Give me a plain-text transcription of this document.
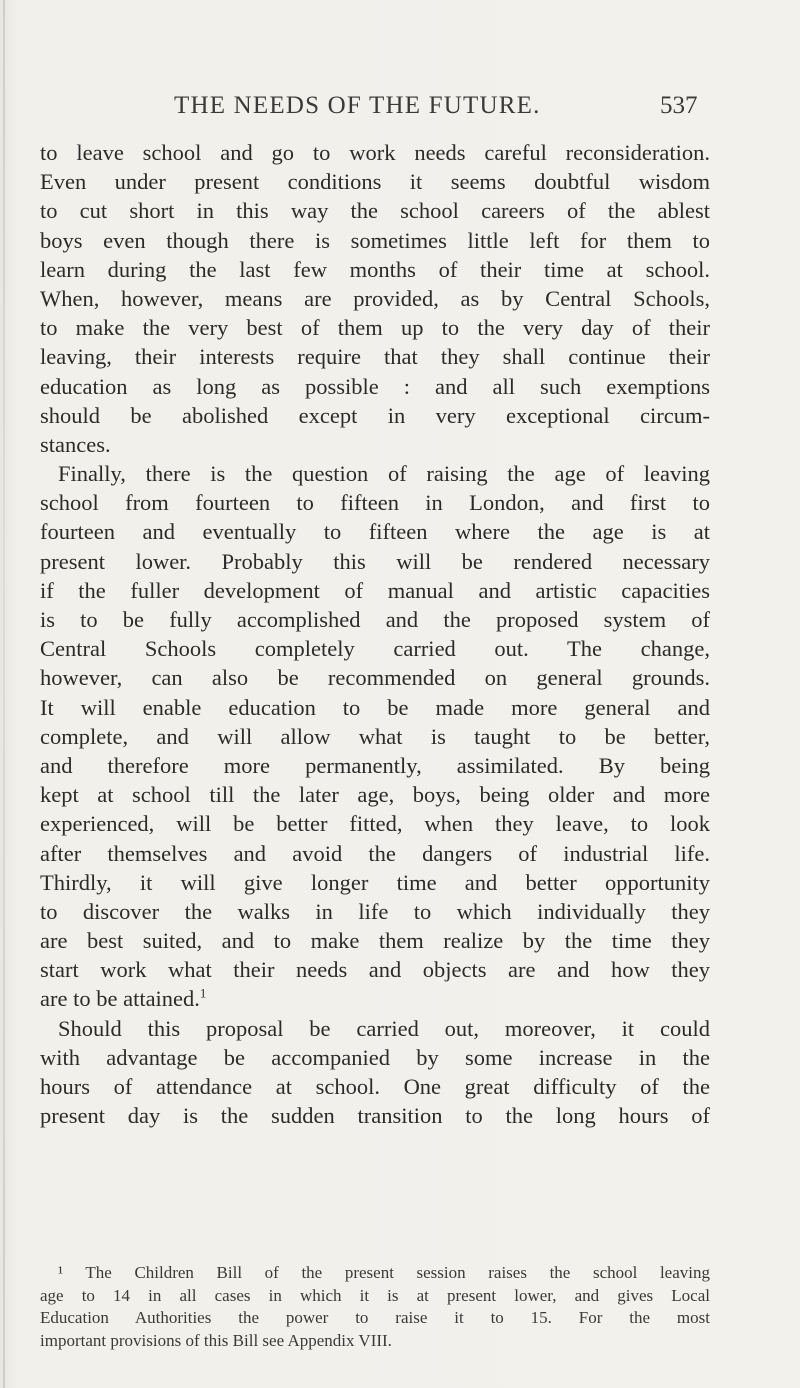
THE NEEDS OF THE FUTURE.	537
to leave school and go to work needs careful reconsideration.
Even under present conditions it seems doubtful wisdom
to cut short in this way the school careers of the ablest
boys even though there is sometimes little left for them to
learn during the last few months of their time at school.
When, however, means are provided, as by Central Schools,
to make the very best of them up to the very day of their
leaving, their interests require that they shall continue their
education as long as possible : and all such exemptions
should be abolished except in very exceptional circum-
stances.
Finally, there is the question of raising the age of leaving
school from fourteen to fifteen in London, and first to
fourteen and eventually to fifteen where the age is at
present lower. Probably this will be rendered necessary
if the fuller development of manual and artistic capacities
is to be fully accomplished and the proposed system of
Central Schools completely carried out. The change,
however, can also be recommended on general grounds.
It will enable education to be made more general and
complete, and will allow what is taught to be better,
and therefore more permanently, assimilated. By being
kept at school till the later age, boys, being older and more
experienced, will be better fitted, when they leave, to look
after themselves and avoid the dangers of industrial life.
Thirdly, it will give longer time and better opportunity
to discover the walks in life to which individually they
are best suited, and to make them realize by the time they
start work what their needs and objects are and how they
are to be attained.$^1$
Should this proposal be carried out, moreover, it could
with advantage be accompanied by some increase in the
hours of attendance at school. One great difficulty of the
present day is the sudden transition to the long hours of
¹ The Children Bill of the present session raises the school leaving
age to 14 in all cases in which it is at present lower, and gives Local
Education Authorities the power to raise it to 15. For the most
important provisions of this Bill see Appendix VIII.
